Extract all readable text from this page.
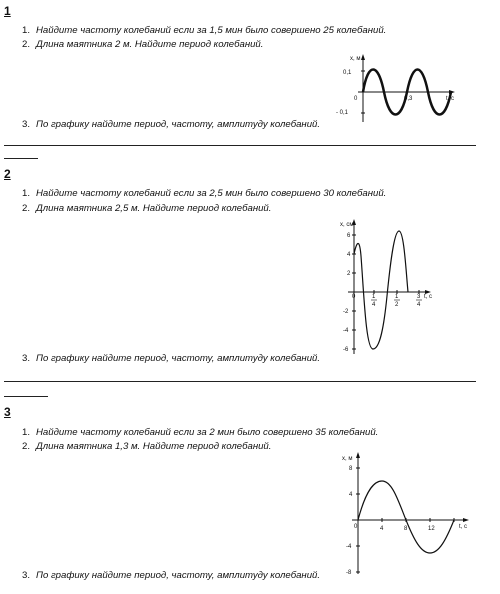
1
1. Найдите частоту колебаний если за 1,5 мин было совершено 25 колебаний.
2. Длина маятника 2 м. Найдите период колебаний.
x, м
0,1
- 0,1
0	0,3	t, c
3. По графику найдите период, частоту, амплитуду колебаний.
2
1. Найдите частоту колебаний если за 2,5 мин было совершено 30 колебаний.
2. Длина маятника 2,5 м. Найдите период колебаний.
x, см
6
4
2
0
-2
-4
-6
1
4
1
2
3
4
t, c
3. По графику найдите период, частоту, амплитуду колебаний.
3
1. Найдите частоту колебаний если за 2 мин было совершено 35 колебаний.
2. Длина маятника 1,3 м. Найдите период колебаний.
x, м
8
4
0
-4
-8
4	8	12	t, c
3. По графику найдите период, частоту, амплитуду колебаний.
